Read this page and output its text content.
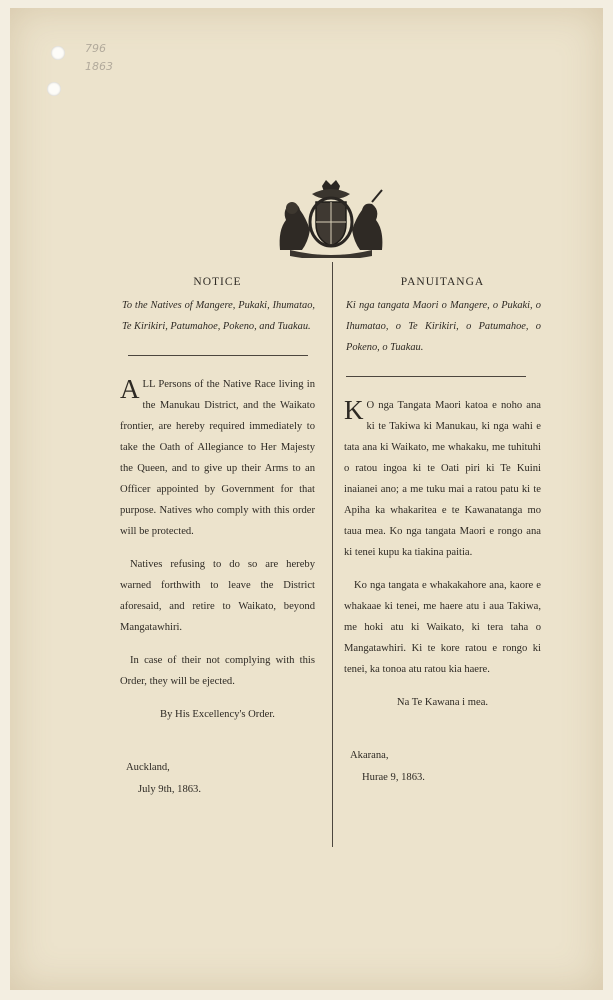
796
1863
NOTICE

To the Natives of Mangere, Pukaki, Ihumatao, Te Kirikiri, Patumahoe, Pokeno, and Tuakau.

ALL Persons of the Native Race living in the Manukau District, and the Waikato frontier, are hereby required immediately to take the Oath of Allegiance to Her Majesty the Queen, and to give up their Arms to an Officer appointed by Government for that purpose. Natives who comply with this order will be protected.

Natives refusing to do so are hereby warned forthwith to leave the District aforesaid, and retire to Waikato, beyond Mangatawhiri.

In case of their not complying with this Order, they will be ejected.

By His Excellency's Order.

Auckland,

July 9th, 1863.

PANUITANGA

Ki nga tangata Maori o Mangere, o Pukaki, o Ihumatao, o Te Kirikiri, o Patumahoe, o Pokeno, o Tuakau.

K O nga Tangata Maori katoa e noho ana ki te Takiwa ki Manukau, ki nga wahi e tata ana ki Waikato, me whakaku, me tuhituhi o ratou ingoa ki te Oati piri ki Te Kuini inaianei ano; a me tuku mai a ratou patu ki te Apiha ka whakaritea e te Kawanatanga mo taua mea. Ko nga tangata Maori e rongo ana ki tenei kupu ka tiakina paitia.

Ko nga tangata e whakakahore ana, kaore e whakaae ki tenei, me haere atu i aua Takiwa, me hoki atu ki Waikato, ki tera taha o Mangatawhiri. Ki te kore ratou e rongo ki tenei, ka tonoa atu ratou kia haere.

Na Te Kawana i mea.

Akarana,

Hurae 9, 1863.
